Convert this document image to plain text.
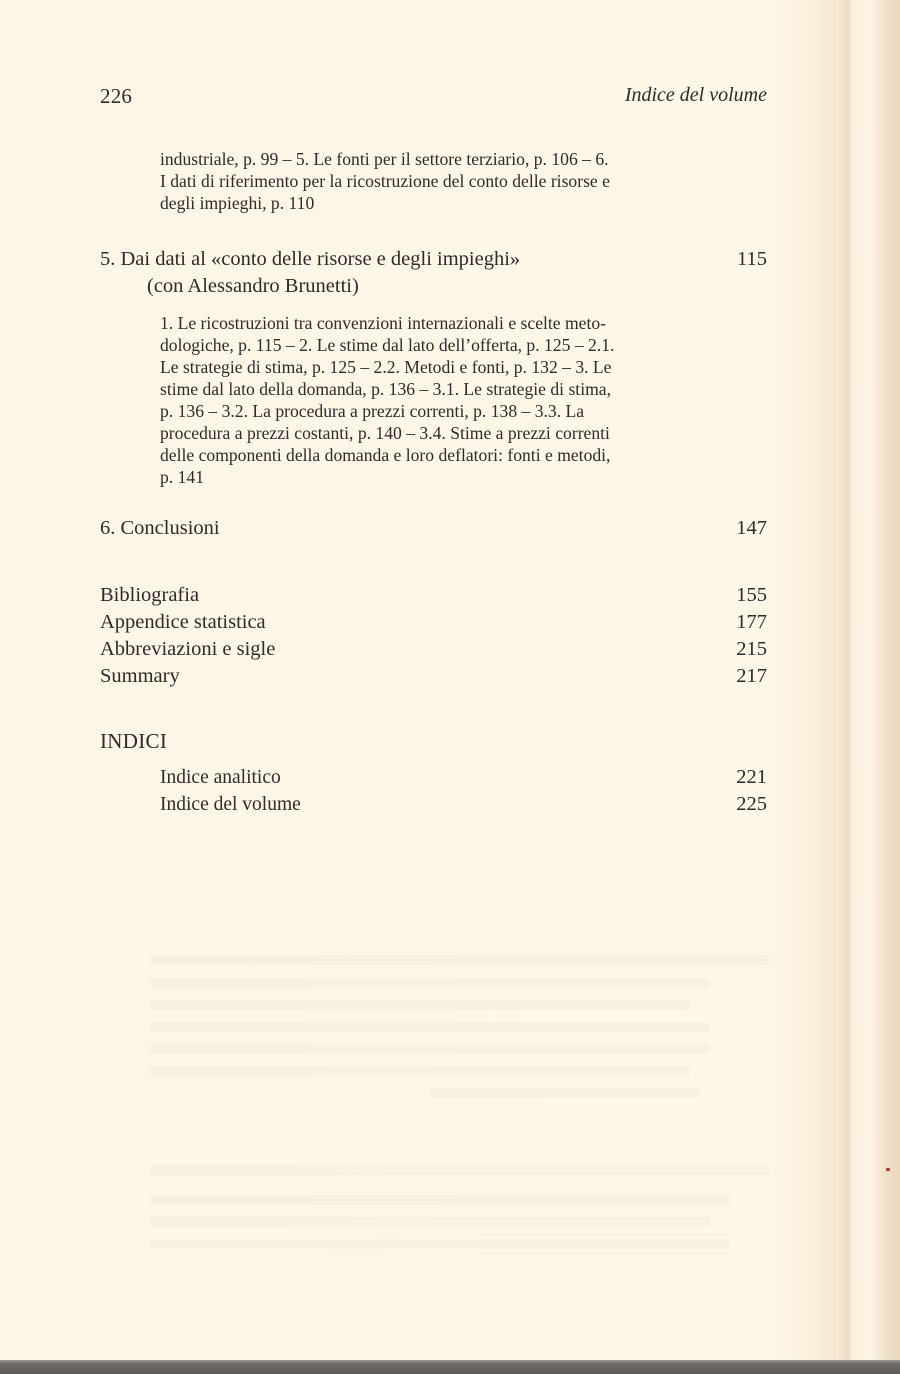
226	Indice del volume
industriale, p. 99 – 5. Le fonti per il settore terziario, p. 106 – 6.
I dati di riferimento per la ricostruzione del conto delle risorse e
degli impieghi, p. 110
5. Dai dati al «conto delle risorse e degli impieghi»	115
(con Alessandro Brunetti)
1. Le ricostruzioni tra convenzioni internazionali e scelte meto-
dologiche, p. 115 – 2. Le stime dal lato dell’offerta, p. 125 – 2.1.
Le strategie di stima, p. 125 – 2.2. Metodi e fonti, p. 132 – 3. Le
stime dal lato della domanda, p. 136 – 3.1. Le strategie di stima,
p. 136 – 3.2. La procedura a prezzi correnti, p. 138 – 3.3. La
procedura a prezzi costanti, p. 140 – 3.4. Stime a prezzi correnti
delle componenti della domanda e loro deflatori: fonti e metodi,
p. 141
6. Conclusioni	147
Bibliografia	155
Appendice statistica	177
Abbreviazioni e sigle	215
Summary	217
INDICI
Indice analitico	221
Indice del volume	225
